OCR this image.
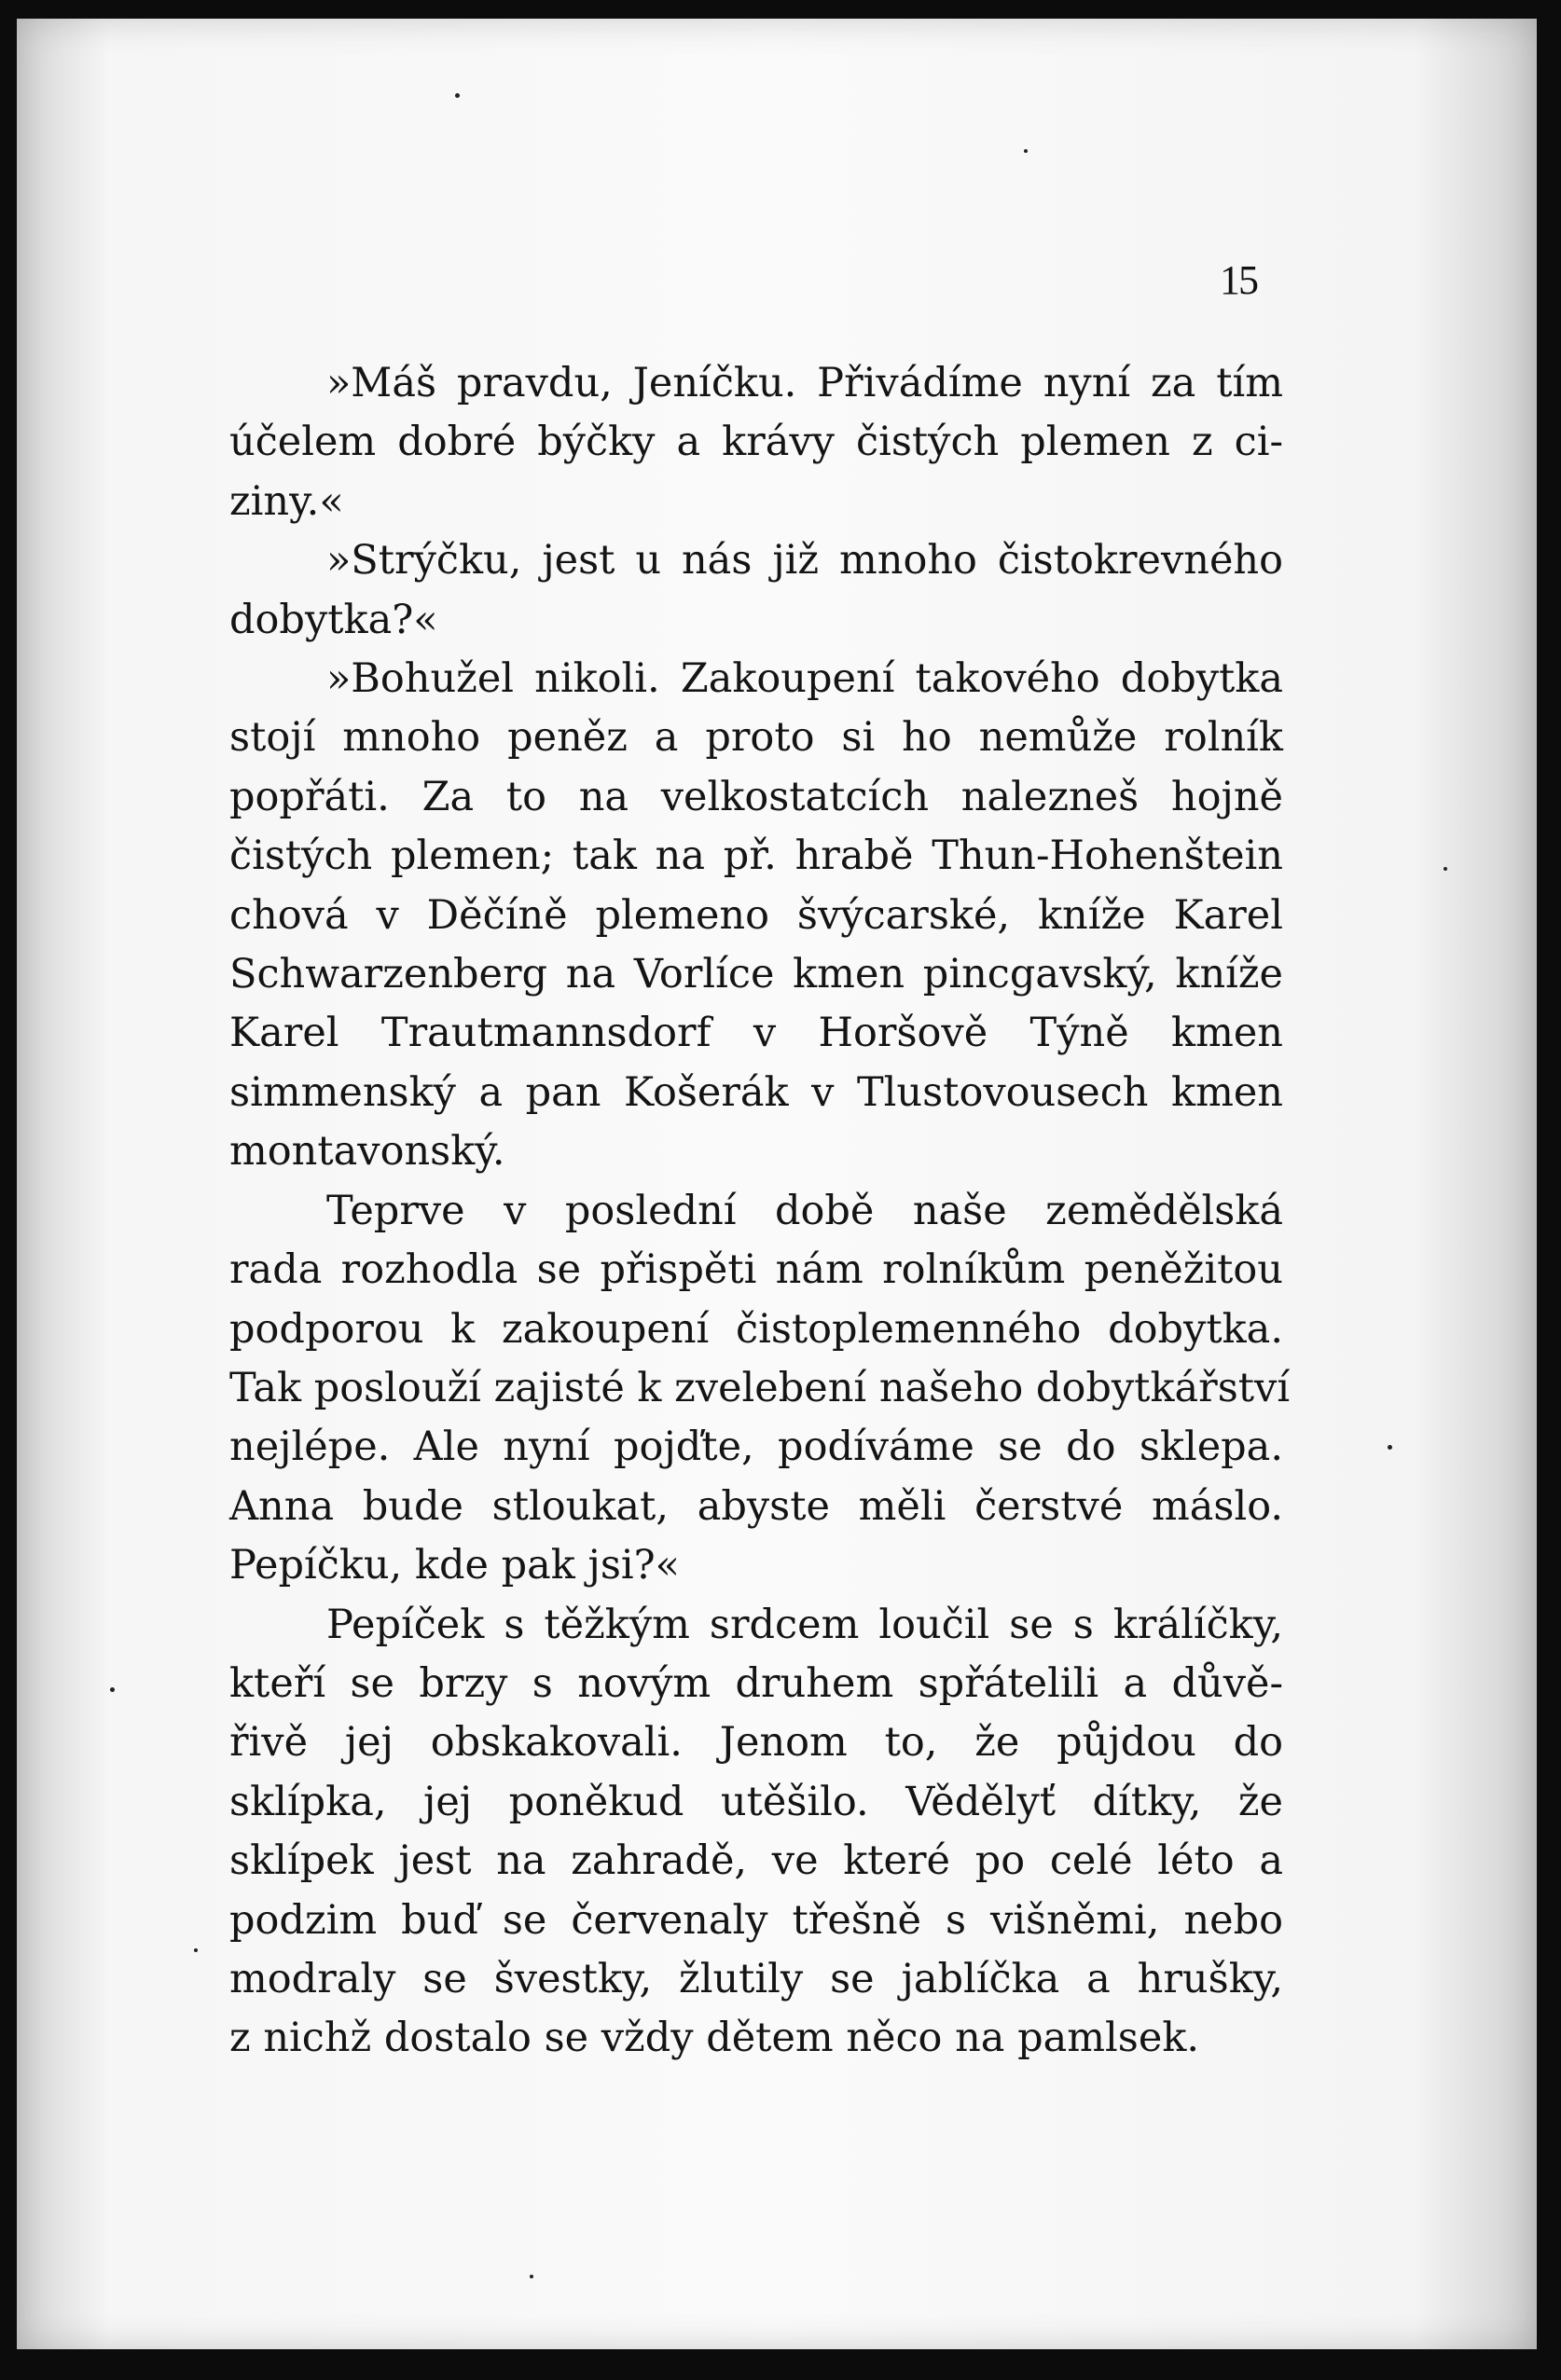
15

»Máš pravdu, Jeníčku. Přivádíme nyní za tím
účelem dobré býčky a krávy čistých plemen z ci-
ziny.«

»Strýčku, jest u nás již mnoho čistokrevného
dobytka?«

»Bohužel nikoli. Zakoupení takového dobytka
stojí mnoho peněz a proto si ho nemůže rolník
popřáti. Za to na velkostatcích nalezneš hojně
čistých plemen; tak na př. hrabě Thun-Hohenštein
chová v Děčíně plemeno švýcarské, kníže Karel
Schwarzenberg na Vorlíce kmen pincgavský, kníže
Karel Trautmannsdorf v Horšově Týně kmen
simmenský a pan Košerák v Tlustovousech kmen
montavonský.

Teprve v poslední době naše zemědělská
rada rozhodla se přispěti nám rolníkům peněžitou
podporou k zakoupení čistoplemenného dobytka.
Tak poslouží zajisté k zvelebení našeho dobytkářství
nejlépe. Ale nyní pojďte, podíváme se do sklepa.
Anna bude stloukat, abyste měli čerstvé máslo.
Pepíčku, kde pak jsi?«

Pepíček s těžkým srdcem loučil se s králíčky,
kteří se brzy s novým druhem spřátelili a důvě-
řivě jej obskakovali. Jenom to, že půjdou do
sklípka, jej poněkud utěšilo. Vědělyť dítky, že
sklípek jest na zahradě, ve které po celé léto a
podzim buď se červenaly třešně s višněmi, nebo
modraly se švestky, žlutily se jablíčka a hrušky,
z nichž dostalo se vždy dětem něco na pamlsek.
